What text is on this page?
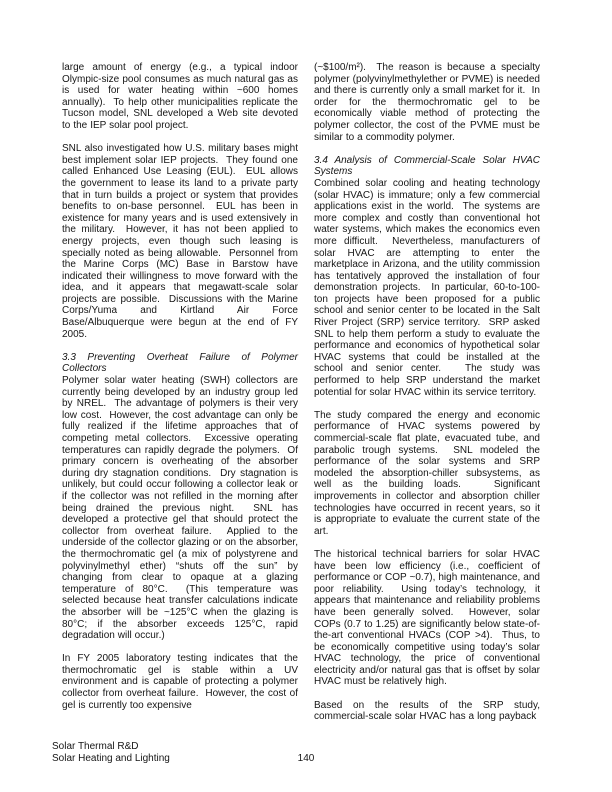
large amount of energy (e.g., a typical indoor Olympic-size pool consumes as much natural gas as is used for water heating within ~600 homes annually).  To help other municipalities replicate the Tucson model, SNL developed a Web site devoted to the IEP solar pool project.
SNL also investigated how U.S. military bases might best implement solar IEP projects.  They found one called Enhanced Use Leasing (EUL).  EUL allows the government to lease its land to a private party that in turn builds a project or system that provides benefits to on-base personnel.  EUL has been in existence for many years and is used extensively in the military.  However, it has not been applied to energy projects, even though such leasing is specially noted as being allowable.  Personnel from the Marine Corps (MC) Base in Barstow have indicated their willingness to move forward with the idea, and it appears that megawatt-scale solar projects are possible.  Discussions with the Marine Corps/Yuma and Kirtland Air Force Base/Albuquerque were begun at the end of FY 2005.
3.3 Preventing Overheat Failure of Polymer Collectors
Polymer solar water heating (SWH) collectors are currently being developed by an industry group led by NREL.  The advantage of polymers is their very low cost.  However, the cost advantage can only be fully realized if the lifetime approaches that of competing metal collectors.  Excessive operating temperatures can rapidly degrade the polymers.  Of primary concern is overheating of the absorber during dry stagnation conditions.  Dry stagnation is unlikely, but could occur following a collector leak or if the collector was not refilled in the morning after being drained the previous night.  SNL has developed a protective gel that should protect the collector from overheat failure.  Applied to the underside of the collector glazing or on the absorber, the thermochromatic gel (a mix of polystyrene and polyvinylmethyl ether) “shuts off the sun” by changing from clear to opaque at a glazing temperature of 80°C.  (This temperature was selected because heat transfer calculations indicate the absorber will be ~125°C when the glazing is 80°C; if the absorber exceeds 125°C, rapid degradation will occur.)
In FY 2005 laboratory testing indicates that the thermochromatic gel is stable within a UV environment and is capable of protecting a polymer collector from overheat failure.  However, the cost of gel is currently too expensive
(~$100/m²).  The reason is because a specialty polymer (polyvinylmethylether or PVME) is needed and there is currently only a small market for it.  In order for the thermochromatic gel to be economically viable method of protecting the polymer collector, the cost of the PVME must be similar to a commodity polymer.
3.4 Analysis of Commercial-Scale Solar HVAC Systems
Combined solar cooling and heating technology (solar HVAC) is immature; only a few commercial applications exist in the world.  The systems are more complex and costly than conventional hot water systems, which makes the economics even more difficult.  Nevertheless, manufacturers of solar HVAC are attempting to enter the marketplace in Arizona, and the utility commission has tentatively approved the installation of four demonstration projects.  In particular, 60-to-100-ton projects have been proposed for a public school and senior center to be located in the Salt River Project (SRP) service territory.  SRP asked SNL to help them perform a study to evaluate the performance and economics of hypothetical solar HVAC systems that could be installed at the school and senior center.   The study was performed to help SRP understand the market potential for solar HVAC within its service territory.
The study compared the energy and economic performance of HVAC systems powered by commercial-scale flat plate, evacuated tube, and parabolic trough systems.  SNL modeled the performance of the solar systems and SRP modeled the absorption-chiller subsystems, as well as the building loads.   Significant improvements in collector and absorption chiller technologies have occurred in recent years, so it is appropriate to evaluate the current state of the art.
The historical technical barriers for solar HVAC have been low efficiency (i.e., coefficient of performance or COP ~0.7), high maintenance, and poor reliability.  Using today’s technology, it appears that maintenance and reliability problems have been generally solved.  However, solar COPs (0.7 to 1.25) are significantly below state-of-the-art conventional HVACs (COP >4).  Thus, to be economically competitive using today’s solar HVAC technology, the price of conventional electricity and/or natural gas that is offset by solar HVAC must be relatively high.
Based on the results of the SRP study, commercial-scale solar HVAC has a long payback
Solar Thermal R&D
Solar Heating and Lighting	140
